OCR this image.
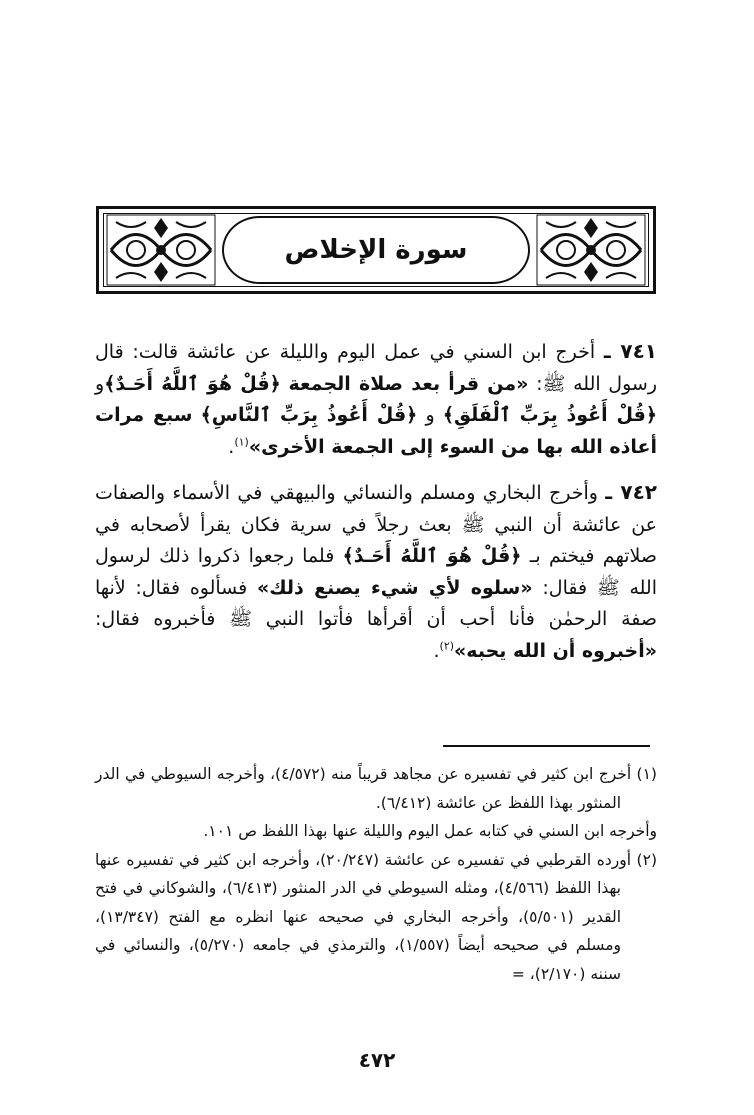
سورة الإخلاص

٧٤١ ـ أخرج ابن السني في عمل اليوم والليلة عن عائشة قالت: قال رسول الله ﷺ: «من قرأ بعد صلاة الجمعة ﴿قُلْ هُوَ ٱللَّهُ أَحَـدٌ﴾و ﴿قُلْ أَعُوذُ بِرَبِّ ٱلْفَلَقِ﴾ و ﴿قُلْ أَعُوذُ بِرَبِّ ٱلنَّاسِ﴾ سبع مرات أعاذه الله بها من السوء إلى الجمعة الأخرى»$^{(١)}$.

٧٤٢ ـ وأخرج البخاري ومسلم والنسائي والبيهقي في الأسماء والصفات عن عائشة أن النبي ﷺ بعث رجلاً في سرية فكان يقرأ لأصحابه في صلاتهم فيختم بـ ﴿قُلْ هُوَ ٱللَّهُ أَحَـدٌ﴾ فلما رجعوا ذكروا ذلك لرسول الله ﷺ فقال: «سلوه لأي شيء يصنع ذلك» فسألوه فقال: لأنها صفة الرحمٰن فأنا أحب أن أقرأها فأتوا النبي ﷺ فأخبروه فقال: «أخبروه أن الله يحبه»$^{(٢)}$.

(١) أخرج ابن كثير في تفسيره عن مجاهد قريباً منه (٤/٥٧٢)، وأخرجه السيوطي في الدر المنثور بهذا اللفظ عن عائشة (٦/٤١٢).

وأخرجه ابن السني في كتابه عمل اليوم والليلة عنها بهذا اللفظ ص ١٠١.

(٢) أورده القرطبي في تفسيره عن عائشة (٢٠/٢٤٧)، وأخرجه ابن كثير في تفسيره عنها بهذا اللفظ (٤/٥٦٦)، ومثله السيوطي في الدر المنثور (٦/٤١٣)، والشوكاني في فتح القدير (٥/٥٠١)، وأخرجه البخاري في صحيحه عنها انظره مع الفتح (١٣/٣٤٧)، ومسلم في صحيحه أيضاً (١/٥٥٧)، والترمذي في جامعه (٥/٢٧٠)، والنسائي في سننه (٢/١٧٠)، =

٤٧٢
